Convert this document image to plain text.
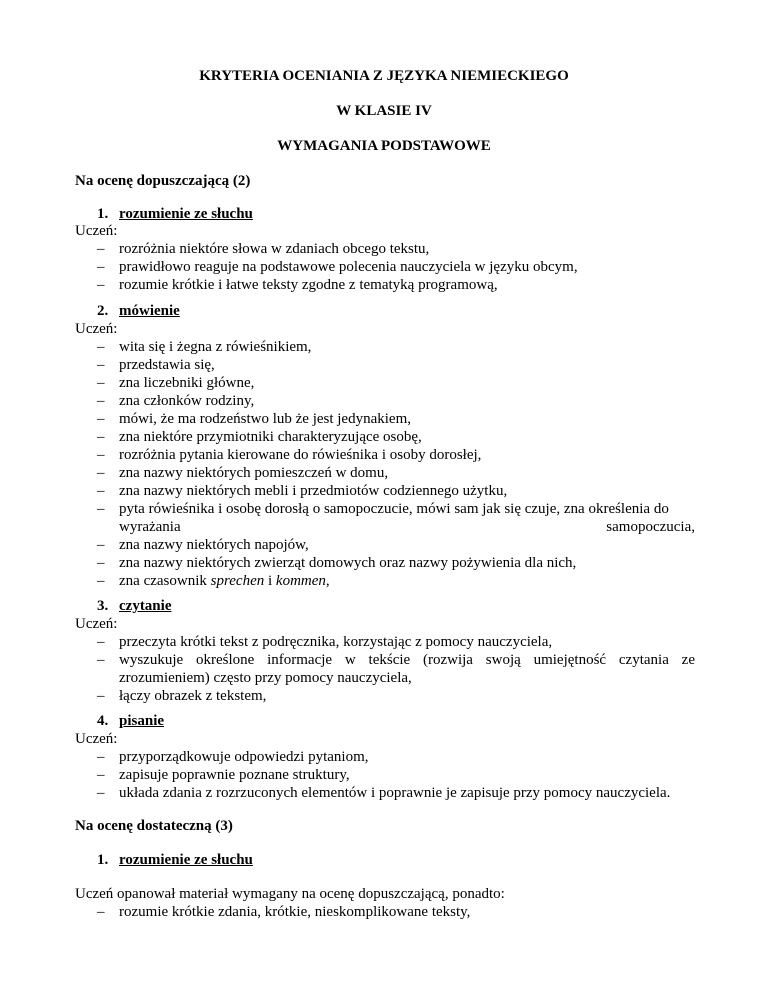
KRYTERIA OCENIANIA Z JĘZYKA NIEMIECKIEGO
W KLASIE IV
WYMAGANIA PODSTAWOWE
Na ocenę dopuszczającą (2)
1. rozumienie ze słuchu
Uczeń:
– rozróżnia niektóre słowa w zdaniach obcego tekstu,
– prawidłowo reaguje na podstawowe polecenia nauczyciela w języku obcym,
– rozumie krótkie i łatwe teksty zgodne z tematyką programową,
2. mówienie
Uczeń:
– wita się i żegna z rówieśnikiem,
– przedstawia się,
– zna liczebniki główne,
– zna członków rodziny,
– mówi, że ma rodzeństwo lub że jest jedynakiem,
– zna niektóre przymiotniki charakteryzujące osobę,
– rozróżnia pytania kierowane do rówieśnika i osoby dorosłej,
– zna nazwy niektórych pomieszczeń w domu,
– zna nazwy niektórych mebli i przedmiotów codziennego użytku,
– pyta rówieśnika i osobę dorosłą o samopoczucie, mówi sam jak się czuje, zna określenia do wyrażania samopoczucia,
– zna nazwy niektórych napojów,
– zna nazwy niektórych zwierząt domowych oraz nazwy pożywienia dla nich,
– zna czasownik sprechen i kommen,
3. czytanie
Uczeń:
– przeczyta krótki tekst z podręcznika, korzystając z pomocy nauczyciela,
– wyszukuje określone informacje w tekście (rozwija swoją umiejętność czytania ze zrozumieniem) często przy pomocy nauczyciela,
– łączy obrazek z tekstem,
4. pisanie
Uczeń:
– przyporządkowuje odpowiedzi pytaniom,
– zapisuje poprawnie poznane struktury,
– układa zdania z rozrzuconych elementów i poprawnie je zapisuje przy pomocy nauczyciela.
Na ocenę dostateczną (3)
1. rozumienie ze słuchu
Uczeń opanował materiał wymagany na ocenę dopuszczającą, ponadto:
– rozumie krótkie zdania, krótkie, nieskomplikowane teksty,
